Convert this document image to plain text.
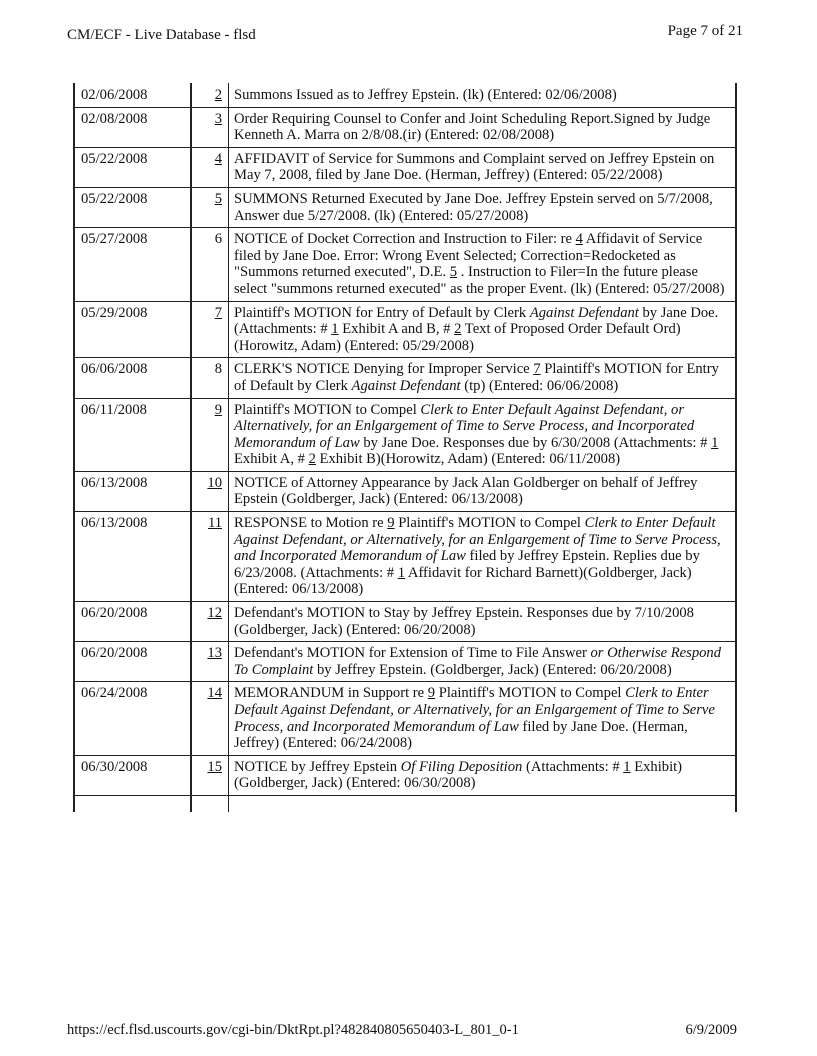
CM/ECF - Live Database - flsd	Page 7 of 21
02/06/2008	2	Summons Issued as to Jeffrey Epstein. (lk) (Entered: 02/06/2008)
02/08/2008	3	Order Requiring Counsel to Confer and Joint Scheduling Report.Signed by Judge Kenneth A. Marra on 2/8/08.(ir) (Entered: 02/08/2008)
05/22/2008	4	AFFIDAVIT of Service for Summons and Complaint served on Jeffrey Epstein on May 7, 2008, filed by Jane Doe. (Herman, Jeffrey) (Entered: 05/22/2008)
05/22/2008	5	SUMMONS Returned Executed by Jane Doe. Jeffrey Epstein served on 5/7/2008, Answer due 5/27/2008. (lk) (Entered: 05/27/2008)
05/27/2008	6	NOTICE of Docket Correction and Instruction to Filer: re 4 Affidavit of Service filed by Jane Doe. Error: Wrong Event Selected; Correction=Redocketed as "Summons returned executed", D.E. 5 . Instruction to Filer=In the future please select "summons returned executed" as the proper Event. (lk) (Entered: 05/27/2008)
05/29/2008	7	Plaintiff's MOTION for Entry of Default by Clerk Against Defendant by Jane Doe. (Attachments: # 1 Exhibit A and B, # 2 Text of Proposed Order Default Ord)(Horowitz, Adam) (Entered: 05/29/2008)
06/06/2008	8	CLERK'S NOTICE Denying for Improper Service 7 Plaintiff's MOTION for Entry of Default by Clerk Against Defendant (tp) (Entered: 06/06/2008)
06/11/2008	9	Plaintiff's MOTION to Compel Clerk to Enter Default Against Defendant, or Alternatively, for an Enlgargement of Time to Serve Process, and Incorporated Memorandum of Law by Jane Doe. Responses due by 6/30/2008 (Attachments: # 1 Exhibit A, # 2 Exhibit B)(Horowitz, Adam) (Entered: 06/11/2008)
06/13/2008	10	NOTICE of Attorney Appearance by Jack Alan Goldberger on behalf of Jeffrey Epstein (Goldberger, Jack) (Entered: 06/13/2008)
06/13/2008	11	RESPONSE to Motion re 9 Plaintiff's MOTION to Compel Clerk to Enter Default Against Defendant, or Alternatively, for an Enlgargement of Time to Serve Process, and Incorporated Memorandum of Law filed by Jeffrey Epstein. Replies due by 6/23/2008. (Attachments: # 1 Affidavit for Richard Barnett)(Goldberger, Jack) (Entered: 06/13/2008)
06/20/2008	12	Defendant's MOTION to Stay by Jeffrey Epstein. Responses due by 7/10/2008 (Goldberger, Jack) (Entered: 06/20/2008)
06/20/2008	13	Defendant's MOTION for Extension of Time to File Answer or Otherwise Respond To Complaint by Jeffrey Epstein. (Goldberger, Jack) (Entered: 06/20/2008)
06/24/2008	14	MEMORANDUM in Support re 9 Plaintiff's MOTION to Compel Clerk to Enter Default Against Defendant, or Alternatively, for an Enlgargement of Time to Serve Process, and Incorporated Memorandum of Law filed by Jane Doe. (Herman, Jeffrey) (Entered: 06/24/2008)
06/30/2008	15	NOTICE by Jeffrey Epstein Of Filing Deposition (Attachments: # 1 Exhibit) (Goldberger, Jack) (Entered: 06/30/2008)

https://ecf.flsd.uscourts.gov/cgi-bin/DktRpt.pl?482840805650403-L_801_0-1	6/9/2009
